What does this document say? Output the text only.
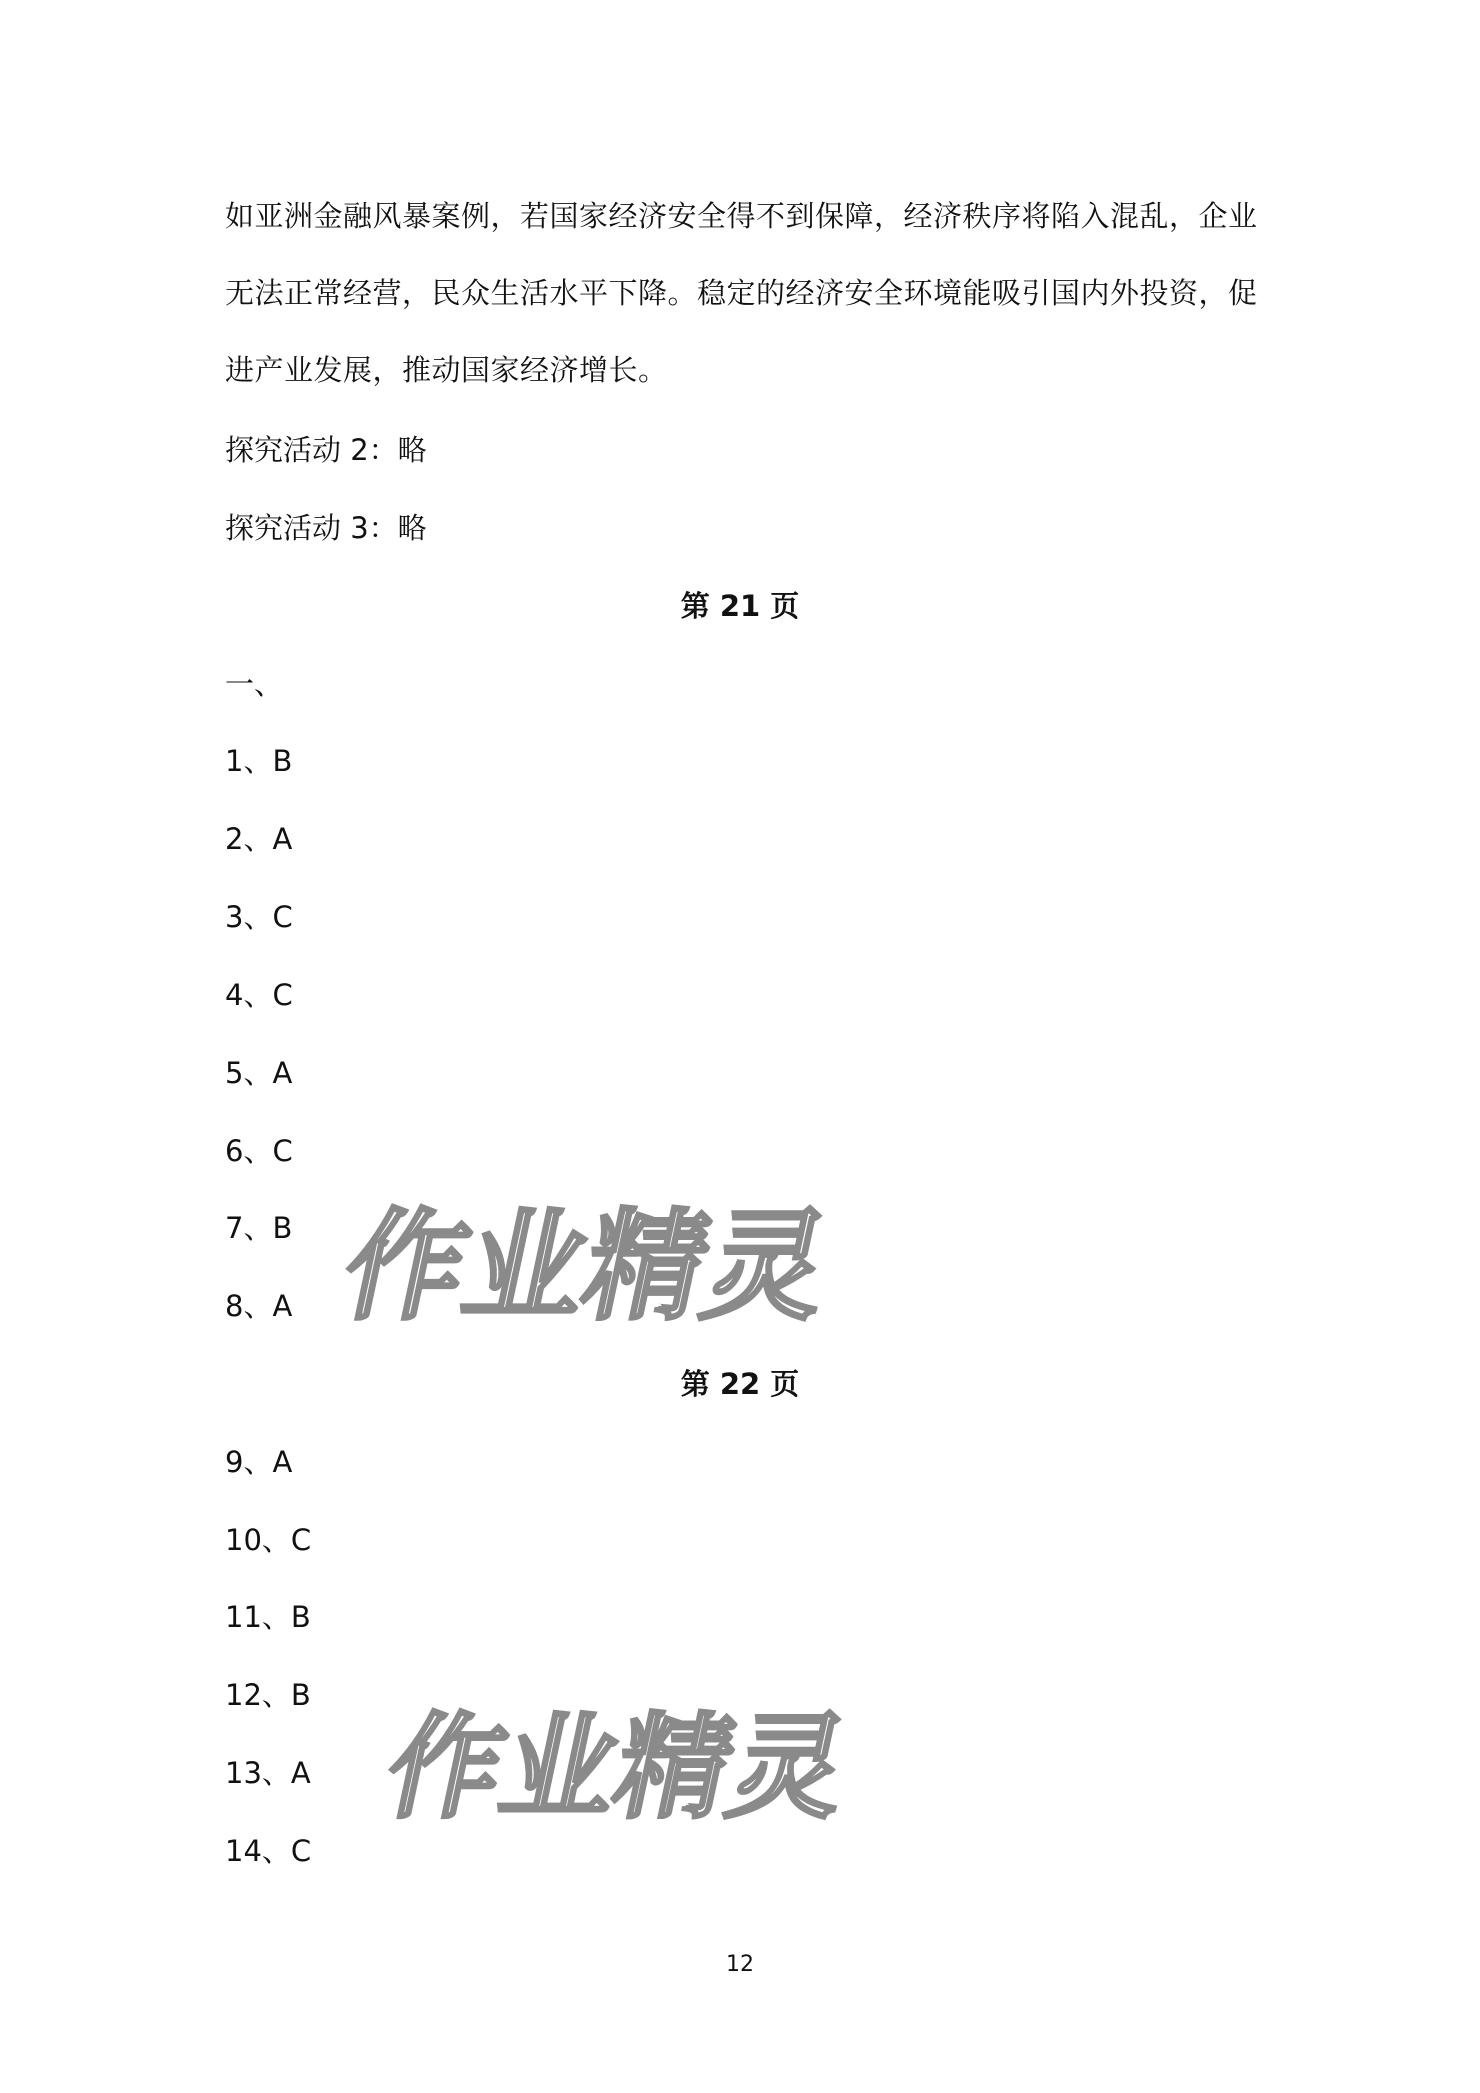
如亚洲金融风暴案例，若国家经济安全得不到保障，经济秩序将陷入混乱，企业无法正常经营，民众生活水平下降。稳定的经济安全环境能吸引国内外投资，促进产业发展，推动国家经济增长。

探究活动 2：略

探究活动 3：略

第 21 页

一、

1、B

2、A

3、C

4、C

5、A

6、C

7、B

8、A

第 22 页

9、A

10、C

11、B

12、B

13、A

14、C

作业精灵
作业精灵
12
